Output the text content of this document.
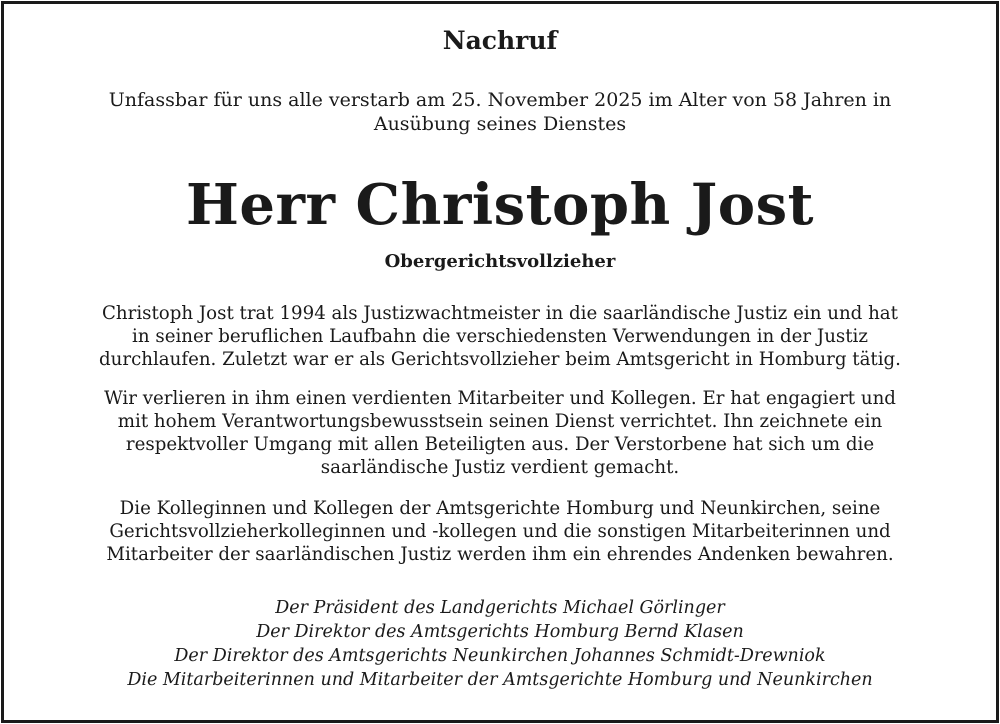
Nachruf
Unfassbar für uns alle verstarb am 25. November 2025 im Alter von 58 Jahren in
Ausübung seines Dienstes
Herr Christoph Jost
Obergerichtsvollzieher
Christoph Jost trat 1994 als Justizwachtmeister in die saarländische Justiz ein und hat
in seiner beruflichen Laufbahn die verschiedensten Verwendungen in der Justiz
durchlaufen. Zuletzt war er als Gerichtsvollzieher beim Amtsgericht in Homburg tätig.
Wir verlieren in ihm einen verdienten Mitarbeiter und Kollegen. Er hat engagiert und
mit hohem Verantwortungsbewusstsein seinen Dienst verrichtet. Ihn zeichnete ein
respektvoller Umgang mit allen Beteiligten aus. Der Verstorbene hat sich um die
saarländische Justiz verdient gemacht.
Die Kolleginnen und Kollegen der Amtsgerichte Homburg und Neunkirchen, seine
Gerichtsvollzieherkolleginnen und -kollegen und die sonstigen Mitarbeiterinnen und
Mitarbeiter der saarländischen Justiz werden ihm ein ehrendes Andenken bewahren.
Der Präsident des Landgerichts Michael Görlinger
Der Direktor des Amtsgerichts Homburg Bernd Klasen
Der Direktor des Amtsgerichts Neunkirchen Johannes Schmidt-Drewniok
Die Mitarbeiterinnen und Mitarbeiter der Amtsgerichte Homburg und Neunkirchen
